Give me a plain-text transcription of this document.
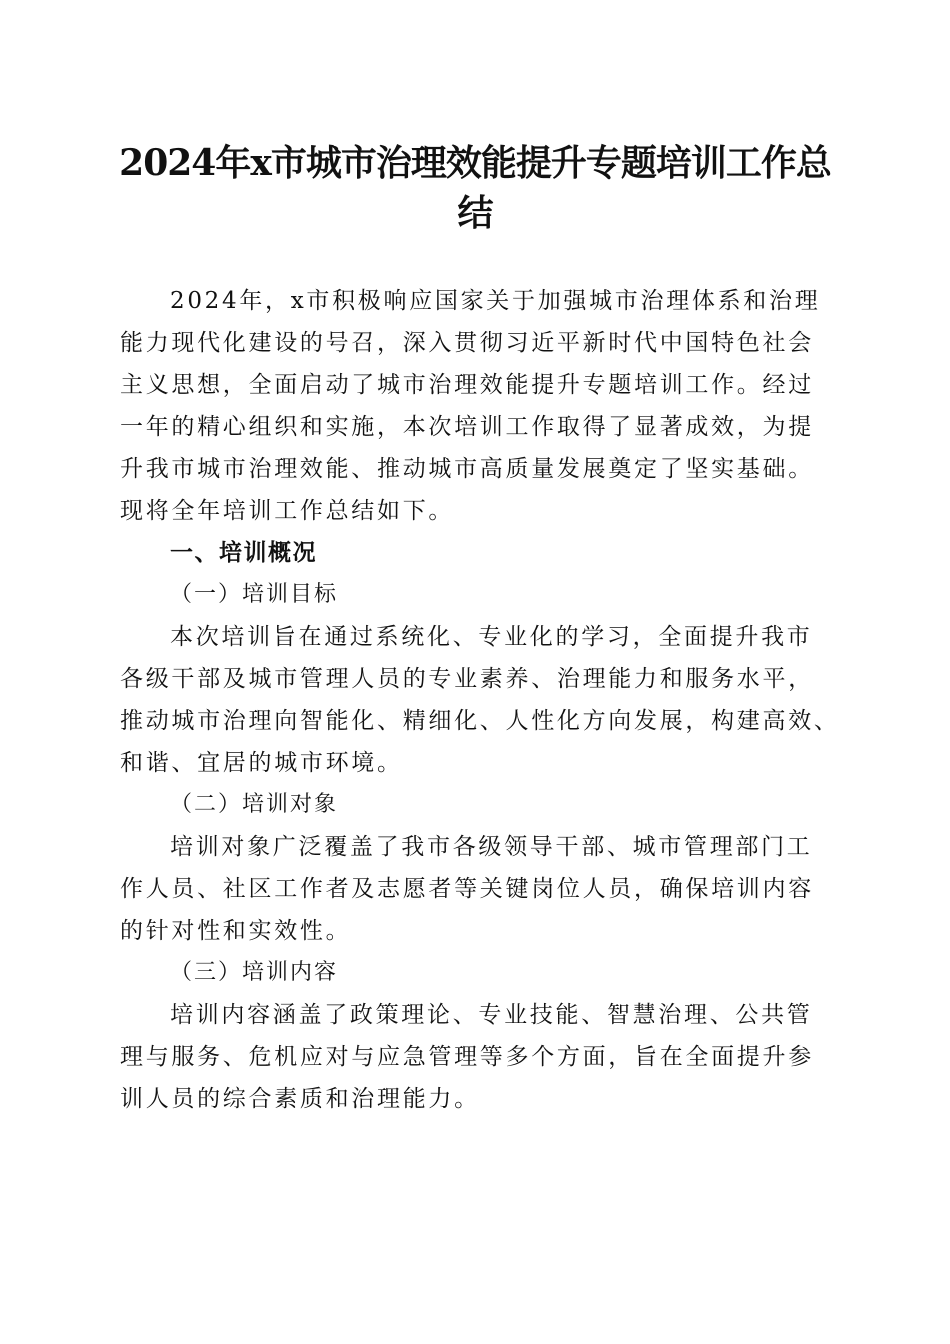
2024年x市城市治理效能提升专题培训工作总
结

2024年，x市积极响应国家关于加强城市治理体系和治理
能力现代化建设的号召，深入贯彻习近平新时代中国特色社会
主义思想，全面启动了城市治理效能提升专题培训工作。经过
一年的精心组织和实施，本次培训工作取得了显著成效，为提
升我市城市治理效能、推动城市高质量发展奠定了坚实基础。
现将全年培训工作总结如下。

一、培训概况

（一）培训目标

本次培训旨在通过系统化、专业化的学习，全面提升我市
各级干部及城市管理人员的专业素养、治理能力和服务水平，
推动城市治理向智能化、精细化、人性化方向发展，构建高效、
和谐、宜居的城市环境。

（二）培训对象

培训对象广泛覆盖了我市各级领导干部、城市管理部门工
作人员、社区工作者及志愿者等关键岗位人员，确保培训内容
的针对性和实效性。

（三）培训内容

培训内容涵盖了政策理论、专业技能、智慧治理、公共管
理与服务、危机应对与应急管理等多个方面，旨在全面提升参
训人员的综合素质和治理能力。
